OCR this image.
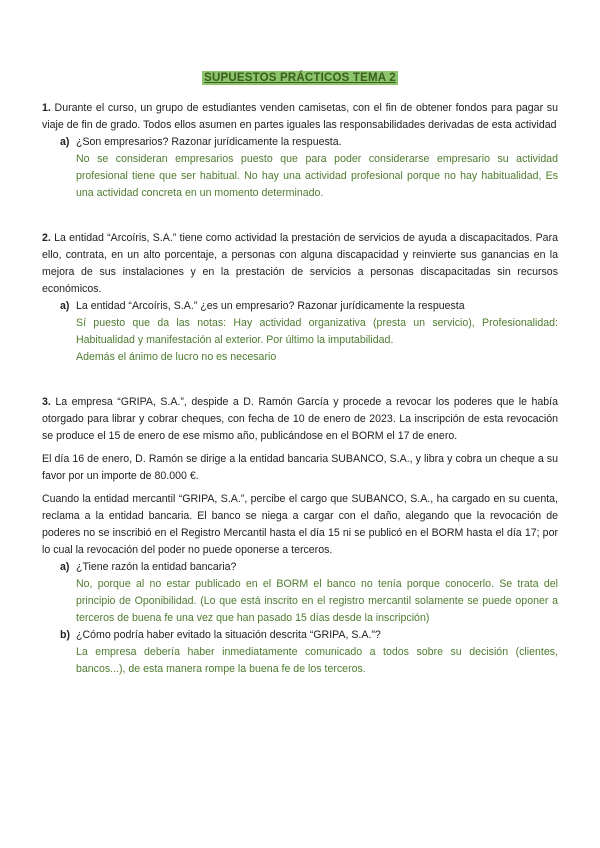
SUPUESTOS PRÁCTICOS TEMA 2

1. Durante el curso, un grupo de estudiantes venden camisetas, con el fin de obtener fondos para pagar su viaje de fin de grado. Todos ellos asumen en partes iguales las responsabilidades derivadas de esta actividad

a) ¿Son empresarios? Razonar jurídicamente la respuesta.

No se consideran empresarios puesto que para poder considerarse empresario su actividad profesional tiene que ser habitual. No hay una actividad profesional porque no hay habitualidad, Es una actividad concreta en un momento determinado.

2. La entidad “Arcoíris, S.A.” tiene como actividad la prestación de servicios de ayuda a discapacitados. Para ello, contrata, en un alto porcentaje, a personas con alguna discapacidad y reinvierte sus ganancias en la mejora de sus instalaciones y en la prestación de servicios a personas discapacitadas sin recursos económicos.

a) La entidad “Arcoíris, S.A.” ¿es un empresario? Razonar jurídicamente la respuesta

Sí puesto que da las notas: Hay actividad organizativa (presta un servicio), Profesionalidad: Habitualidad y manifestación al exterior. Por último la imputabilidad.

Además el ánimo de lucro no es necesario

3. La empresa “GRIPA, S.A.”, despide a D. Ramón García y procede a revocar los poderes que le había otorgado para librar y cobrar cheques, con fecha de 10 de enero de 2023. La inscripción de esta revocación se produce el 15 de enero de ese mismo año, publicándose en el BORM el 17 de enero.

El día 16 de enero, D. Ramón se dirige a la entidad bancaria SUBANCO, S.A., y libra y cobra un cheque a su favor por un importe de 80.000 €.

Cuando la entidad mercantil “GRIPA, S.A.”, percibe el cargo que SUBANCO, S.A., ha cargado en su cuenta, reclama a la entidad bancaria. El banco se niega a cargar con el daño, alegando que la revocación de poderes no se inscribió en el Registro Mercantil hasta el día 15 ni se publicó en el BORM hasta el día 17; por lo cual la revocación del poder no puede oponerse a terceros.

a) ¿Tiene razón la entidad bancaria?

No, porque al no estar publicado en el BORM el banco no tenía porque conocerlo. Se trata del principio de Oponibilidad. (Lo que está inscrito en el registro mercantil solamente se puede oponer a terceros de buena fe una vez que han pasado 15 días desde la inscripción)

b) ¿Cómo podría haber evitado la situación descrita “GRIPA, S.A.”?

La empresa debería haber inmediatamente comunicado a todos sobre su decisión (clientes, bancos...), de esta manera rompe la buena fe de los terceros.
